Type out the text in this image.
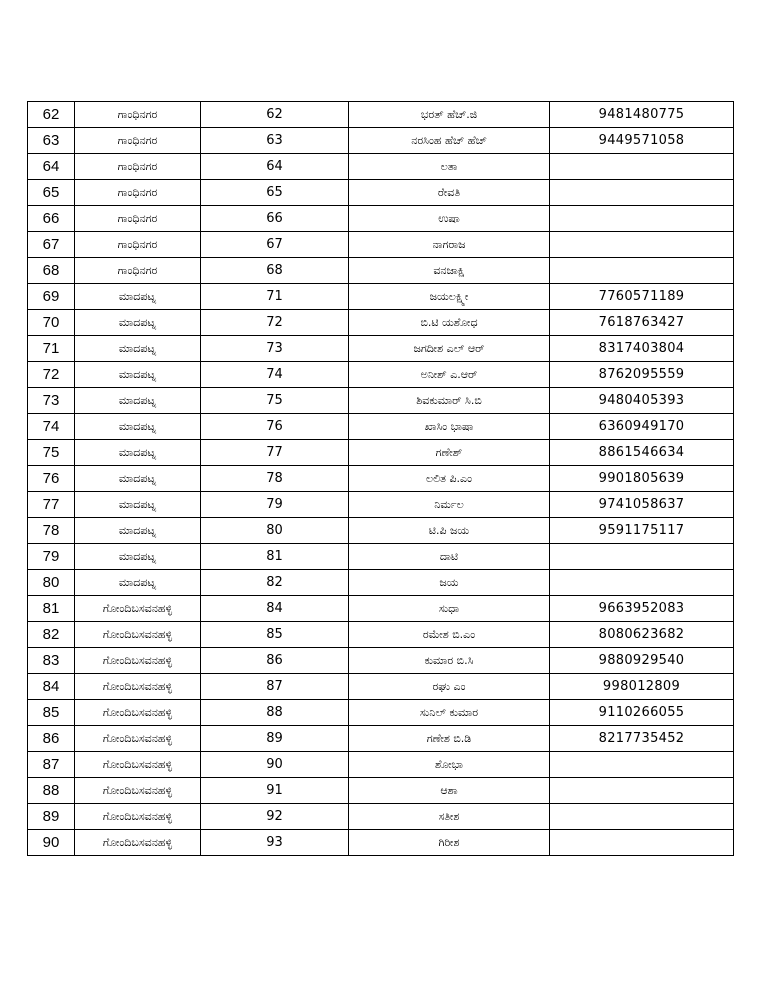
62	ಗಾಂಧಿನಗರ	62	ಭರತ್ ಹೆಚ್.ಜಿ	9481480775
63	ಗಾಂಧಿನಗರ	63	ನರಸಿಂಹ ಹೆಚ್ ಹೆಚ್	9449571058
64	ಗಾಂಧಿನಗರ	64	ಲತಾ	
65	ಗಾಂಧಿನಗರ	65	ರೇವತಿ	
66	ಗಾಂಧಿನಗರ	66	ಉಷಾ	
67	ಗಾಂಧಿನಗರ	67	ನಾಗರಾಜ	
68	ಗಾಂಧಿನಗರ	68	ವನಜಾಕ್ಷಿ	
69	ಮಾದಪಟ್ನ	71	ಜಯಲಕ್ಷ್ಮೀ	7760571189
70	ಮಾದಪಟ್ನ	72	ಬಿ.ಟಿ ಯಶೋಧ	7618763427
71	ಮಾದಪಟ್ನ	73	ಜಗದೀಶ ಎಲ್ ಆರ್	8317403804
72	ಮಾದಪಟ್ನ	74	ಅನೀಶ್ ಎ.ಆರ್	8762095559
73	ಮಾದಪಟ್ನ	75	ಶಿವಕುಮಾರ್ ಸಿ.ಬಿ	9480405393
74	ಮಾದಪಟ್ನ	76	ಖಾಸಿಂ ಭಾಷಾ	6360949170
75	ಮಾದಪಟ್ನ	77	ಗಣೇಶ್	8861546634
76	ಮಾದಪಟ್ನ	78	ಲಲಿತ ಪಿ.ಎಂ	9901805639
77	ಮಾದಪಟ್ನ	79	ನಿರ್ಮಲ	9741058637
78	ಮಾದಪಟ್ನ	80	ಟಿ.ಪಿ ಜಯ	9591175117
79	ಮಾದಪಟ್ನ	81	ದಾಟಿ	
80	ಮಾದಪಟ್ನ	82	ಜಯ	
81	ಗೋಂದಿಬಸವನಹಳ್ಳಿ	84	ಸುಧಾ	9663952083
82	ಗೋಂದಿಬಸವನಹಳ್ಳಿ	85	ರಮೇಶ ಬಿ.ಎಂ	8080623682
83	ಗೋಂದಿಬಸವನಹಳ್ಳಿ	86	ಕುಮಾರ ಬಿ.ಸಿ	9880929540
84	ಗೋಂದಿಬಸವನಹಳ್ಳಿ	87	ರಘು ಎಂ	998012809
85	ಗೋಂದಿಬಸವನಹಳ್ಳಿ	88	ಸುನಿಲ್ ಕುಮಾರ	9110266055
86	ಗೋಂದಿಬಸವನಹಳ್ಳಿ	89	ಗಣೇಶ ಬಿ.ಡಿ	8217735452
87	ಗೋಂದಿಬಸವನಹಳ್ಳಿ	90	ಶೋಭಾ	
88	ಗೋಂದಿಬಸವನಹಳ್ಳಿ	91	ಆಶಾ	
89	ಗೋಂದಿಬಸವನಹಳ್ಳಿ	92	ಸತೀಶ	
90	ಗೋಂದಿಬಸವನಹಳ್ಳಿ	93	ಗಿರೀಶ	
